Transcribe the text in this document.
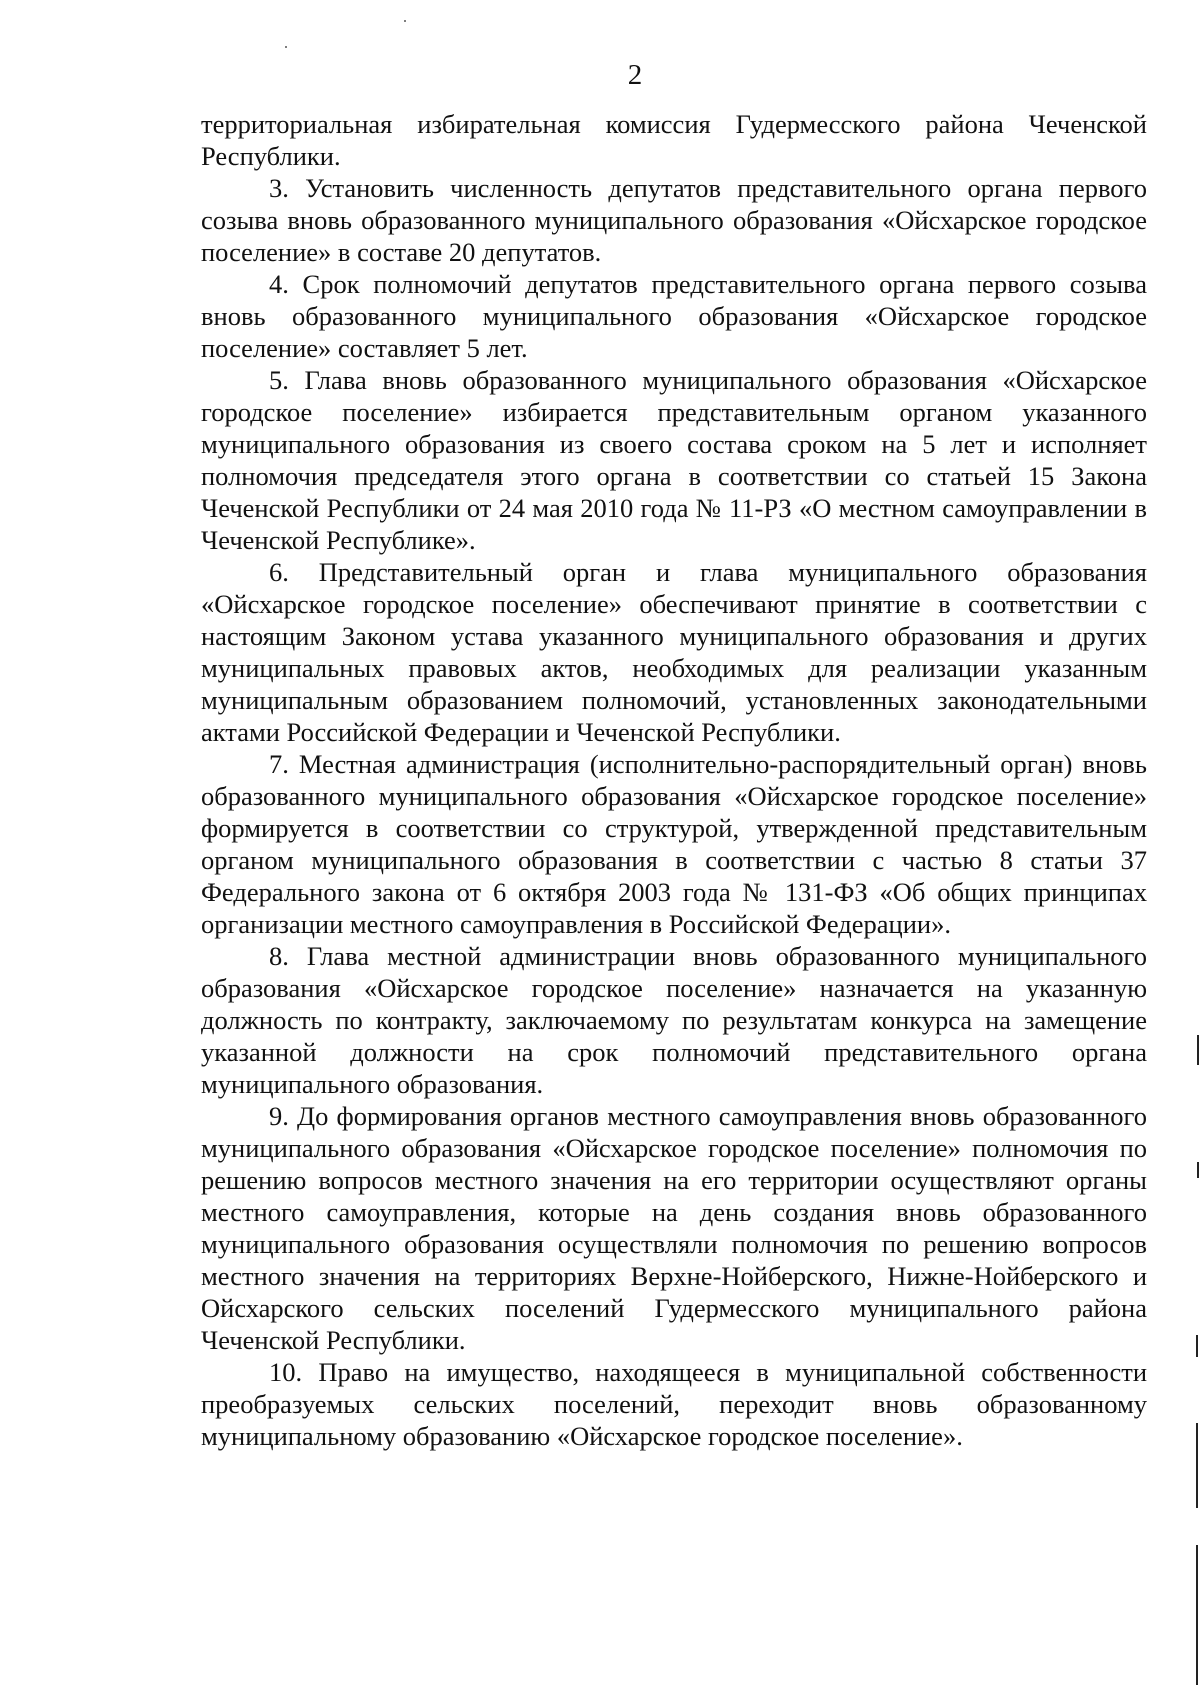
2

территориальная избирательная комиссия Гудермесского района Чеченской Республики.

3. Установить численность депутатов представительного органа первого созыва вновь образованного муниципального образования «Ойсхарское городское поселение» в составе 20 депутатов.

4. Срок полномочий депутатов представительного органа первого созыва вновь образованного муниципального образования «Ойсхарское городское поселение» составляет 5 лет.

5. Глава вновь образованного муниципального образования «Ойсхарское городское поселение» избирается представительным органом указанного муниципального образования из своего состава сроком на 5 лет и исполняет полномочия председателя этого органа в соответствии со статьей 15 Закона Чеченской Республики от 24 мая 2010 года № 11-РЗ «О местном самоуправлении в Чеченской Республике».

6. Представительный орган и глава муниципального образования «Ойсхарское городское поселение» обеспечивают принятие в соответствии с настоящим Законом устава указанного муниципального образования и других муниципальных правовых актов, необходимых для реализации указанным муниципальным образованием полномочий, установленных законодательными актами Российской Федерации и Чеченской Республики.

7. Местная администрация (исполнительно-распорядительный орган) вновь образованного муниципального образования «Ойсхарское городское поселение» формируется в соответствии со структурой, утвержденной представительным органом муниципального образования в соответствии с частью 8 статьи 37 Федерального закона от 6 октября 2003 года № 131-ФЗ «Об общих принципах организации местного самоуправления в Российской Федерации».

8. Глава местной администрации вновь образованного муниципального образования «Ойсхарское городское поселение» назначается на указанную должность по контракту, заключаемому по результатам конкурса на замещение указанной должности на срок полномочий представительного органа муниципального образования.

9. До формирования органов местного самоуправления вновь образованного муниципального образования «Ойсхарское городское поселение» полномочия по решению вопросов местного значения на его территории осуществляют органы местного самоуправления, которые на день создания вновь образованного муниципального образования осуществляли полномочия по решению вопросов местного значения на территориях Верхне-Нойберского, Нижне-Нойберского и Ойсхарского сельских поселений Гудермесского муниципального района Чеченской Республики.

10. Право на имущество, находящееся в муниципальной собственности преобразуемых сельских поселений, переходит вновь образованному муниципальному образованию «Ойсхарское городское поселение».
